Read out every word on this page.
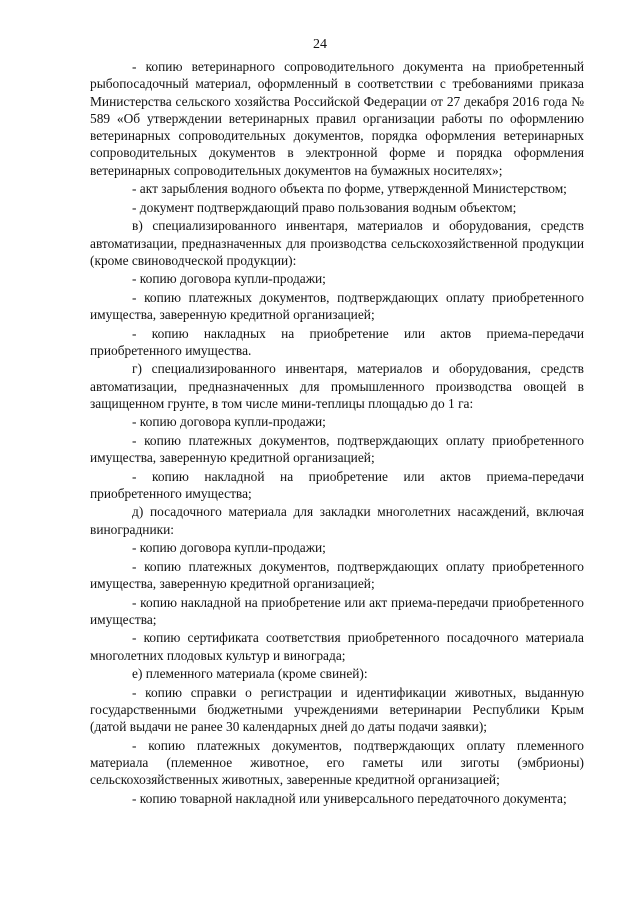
24

- копию ветеринарного сопроводительного документа на приобретенный рыбопосадочный материал, оформленный в соответствии с требованиями приказа Министерства сельского хозяйства Российской Федерации от 27 декабря 2016 года № 589 «Об утверждении ветеринарных правил организации работы по оформлению ветеринарных сопроводительных документов, порядка оформления ветеринарных сопроводительных документов в электронной форме и порядка оформления ветеринарных сопроводительных документов на бумажных носителях»;

- акт зарыбления водного объекта по форме, утвержденной Министерством;

- документ подтверждающий право пользования водным объектом;

в) специализированного инвентаря, материалов и оборудования, средств автоматизации, предназначенных для производства сельскохозяйственной продукции (кроме свиноводческой продукции):

- копию договора купли-продажи;

- копию платежных документов, подтверждающих оплату приобретенного имущества, заверенную кредитной организацией;

- копию накладных на приобретение или актов приема-передачи приобретенного имущества.

г) специализированного инвентаря, материалов и оборудования, средств автоматизации, предназначенных для промышленного производства овощей в защищенном грунте, в том числе мини-теплицы площадью до 1 га:

- копию договора купли-продажи;

- копию платежных документов, подтверждающих оплату приобретенного имущества, заверенную кредитной организацией;

- копию накладной на приобретение или актов приема-передачи приобретенного имущества;

д) посадочного материала для закладки многолетних насаждений, включая виноградники:

- копию договора купли-продажи;

- копию платежных документов, подтверждающих оплату приобретенного имущества, заверенную кредитной организацией;

- копию накладной на приобретение или акт приема-передачи приобретенного имущества;

- копию сертификата соответствия приобретенного посадочного материала многолетних плодовых культур и винограда;

е) племенного материала (кроме свиней):

- копию справки о регистрации и идентификации животных, выданную государственными бюджетными учреждениями ветеринарии Республики Крым (датой выдачи не ранее 30 календарных дней до даты подачи заявки);

- копию платежных документов, подтверждающих оплату племенного материала (племенное животное, его гаметы или зиготы (эмбрионы) сельскохозяйственных животных, заверенные кредитной организацией;

- копию товарной накладной или универсального передаточного документа;
